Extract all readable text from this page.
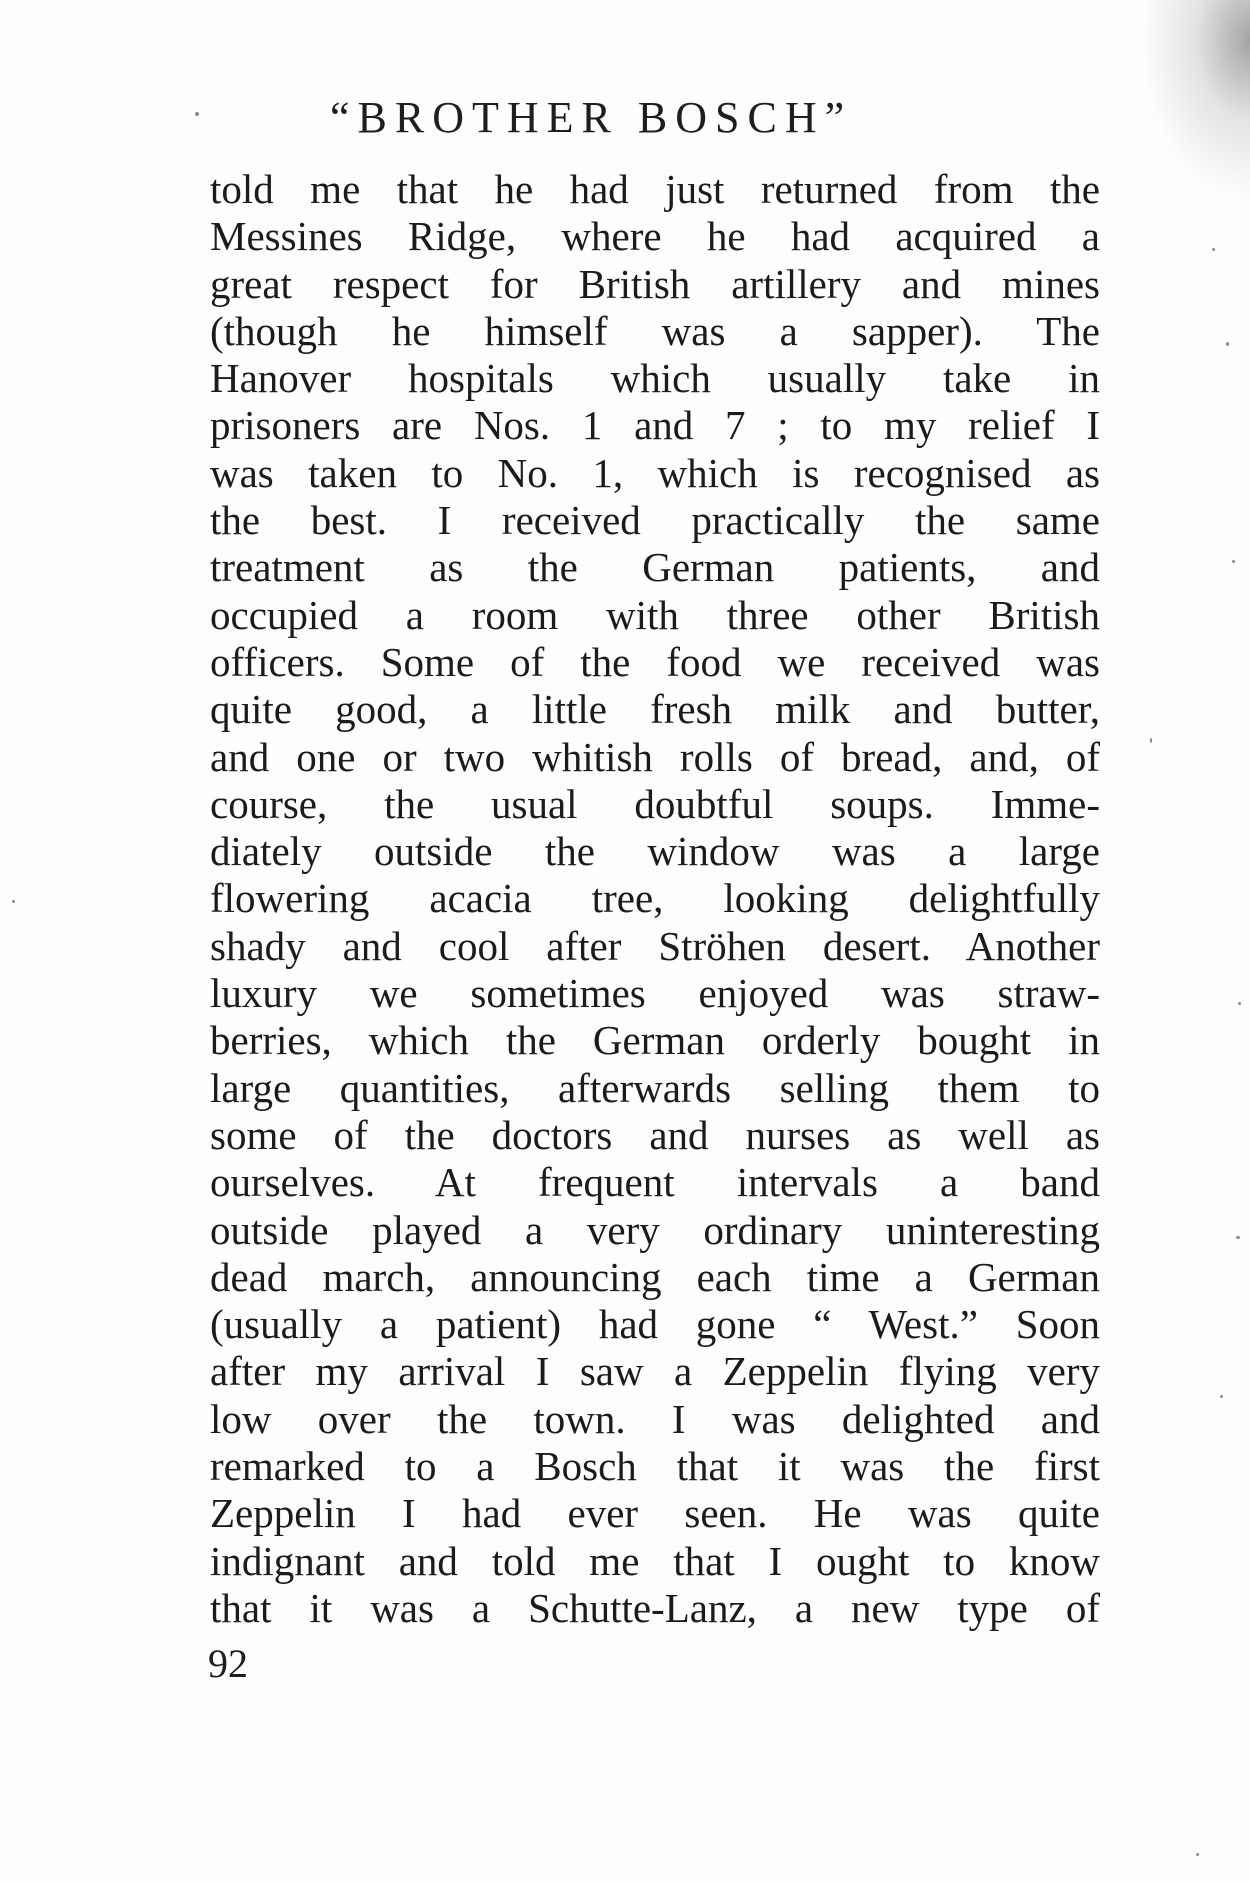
“BROTHER BOSCH”
told me that he had just returned from the
Messines Ridge, where he had acquired a
great respect for British artillery and mines
(though he himself was a sapper). The
Hanover hospitals which usually take in
prisoners are Nos. 1 and 7 ; to my relief I
was taken to No. 1, which is recognised as
the best. I received practically the same
treatment as the German patients, and
occupied a room with three other British
officers. Some of the food we received was
quite good, a little fresh milk and butter,
and one or two whitish rolls of bread, and, of
course, the usual doubtful soups. Imme-
diately outside the window was a large
flowering acacia tree, looking delightfully
shady and cool after Ströhen desert. Another
luxury we sometimes enjoyed was straw-
berries, which the German orderly bought in
large quantities, afterwards selling them to
some of the doctors and nurses as well as
ourselves. At frequent intervals a band
outside played a very ordinary uninteresting
dead march, announcing each time a German
(usually a patient) had gone “ West.” Soon
after my arrival I saw a Zeppelin flying very
low over the town. I was delighted and
remarked to a Bosch that it was the first
Zeppelin I had ever seen. He was quite
indignant and told me that I ought to know
that it was a Schutte-Lanz, a new type of
92
